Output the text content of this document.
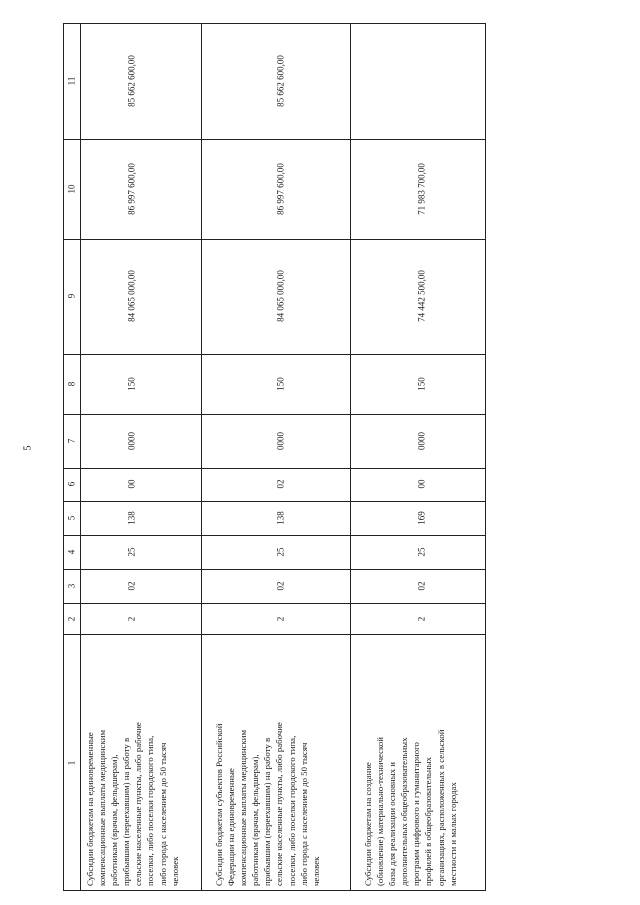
5
1
2
3
4
5
6
7
8
9
10
11
Субсидии бюджетам на единовременные компенсационные выплаты медицинским работникам (врачам, фельдшерам), прибывшим (переехавшим) на работу в сельские населенные пункты, либо рабочие поселки, либо поселки городского типа, либо города с населением до 50 тысяч человек
2
02
25
138
00
0000
150
84 065 000,00
86 997 600,00
85 662 600,00
Субсидии бюджетам субъектов Российской Федерации на единовременные компенсационные выплаты медицинским работникам (врачам, фельдшерам), прибывшим (переехавшим) на работу в сельские населенные пункты, либо рабочие поселки, либо поселки городского типа, либо города с населением до 50 тысяч человек
2
02
25
138
02
0000
150
84 065 000,00
86 997 600,00
85 662 600,00
Субсидии бюджетам на создание (обновление) материально-технической базы для реализации основных и дополнительных общеобразовательных программ цифрового и гуманитарного профилей в общеобразовательных организациях, расположенных в сельской местности и малых городах
2
02
25
169
00
0000
150
74 442 500,00
71 983 700,00
